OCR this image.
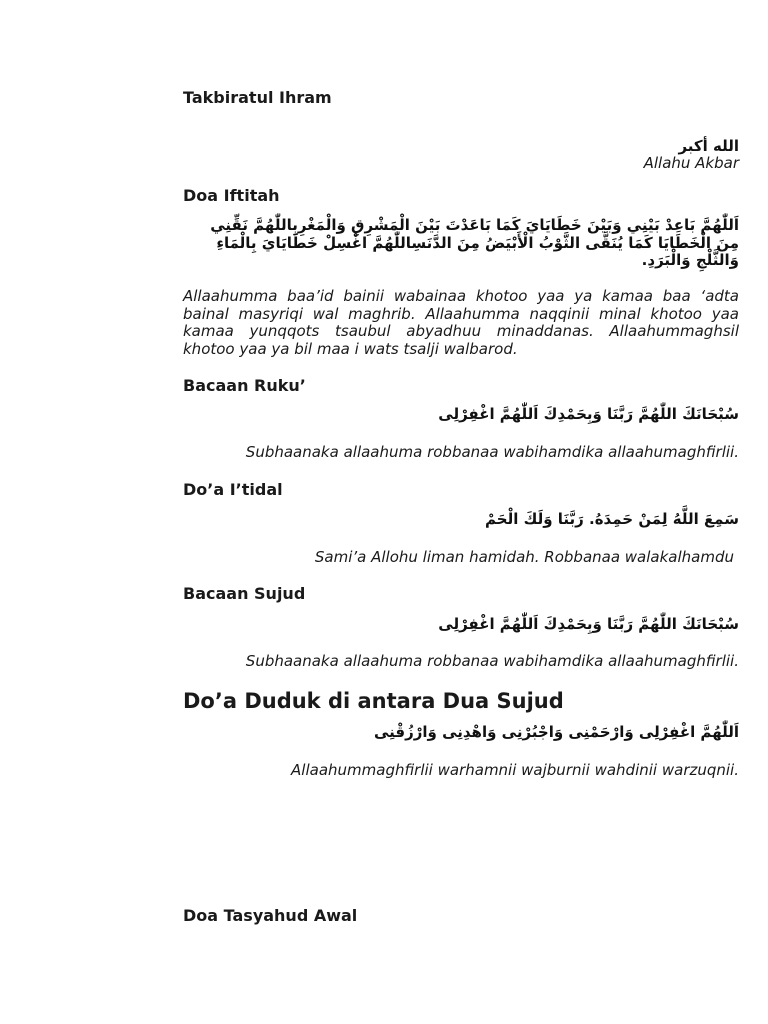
Takbiratul Ihram
الله أكبر
Allahu Akbar
Doa Iftitah
اَللّٰهُمَّ بَاعِدْ بَيْنِي وَبَيْنَ خَطَايَايَ كَمَا بَاعَدْتَ بَيْنَ الْمَشْرِقِ وَالْمَغْرِبِاللّٰهُمَّ نَقِّنِي مِنَ الْخَطَايَا كَمَا يُنَقَّى الثَّوْبُ الْأَبْيَضُ مِنَ الدَّنَسِاللّٰهُمَّ اغْسِلْ خَطَايَايَ بِالْمَاءِ وَالثَّلْجِ وَالْبَرَدِ.
Allaahumma baa’id bainii wabainaa khotoo yaa ya kamaa baa ‘adta bainal masyriqi wal maghrib. Allaahumma naqqinii minal khotoo yaa kamaa yunqqots tsaubul abyadhuu minaddanas. Allaahummaghsil khotoo yaa ya bil maa i wats tsalji walbarod.
Bacaan Ruku’
سُبْحَانَكَ اللّٰهُمَّ رَبَّنَا وَبِحَمْدِكَ اَللّٰهُمَّ اغْفِرْلِى
Subhaanaka allaahuma robbanaa wabihamdika allaahumaghfirlii.
Do’a I’tidal
سَمِعَ اللَّهُ لِمَنْ حَمِدَهُ. رَبَّنَا وَلَكَ الْحَمْ
Sami’a Allohu liman hamidah. Robbanaa walakalhamdu
Bacaan Sujud
سُبْحَانَكَ اللّٰهُمَّ رَبَّنَا وَبِحَمْدِكَ اَللّٰهُمَّ اغْفِرْلِى
Subhaanaka allaahuma robbanaa wabihamdika allaahumaghfirlii.
Do’a Duduk di antara Dua Sujud
اَللّٰهُمَّ اغْفِرْلِى وَارْحَمْنِى وَاجْبُرْنِى وَاهْدِنِى وَارْزُقْنِى
Allaahummaghfirlii warhamnii wajburnii wahdinii warzuqnii.
Doa Tasyahud Awal
